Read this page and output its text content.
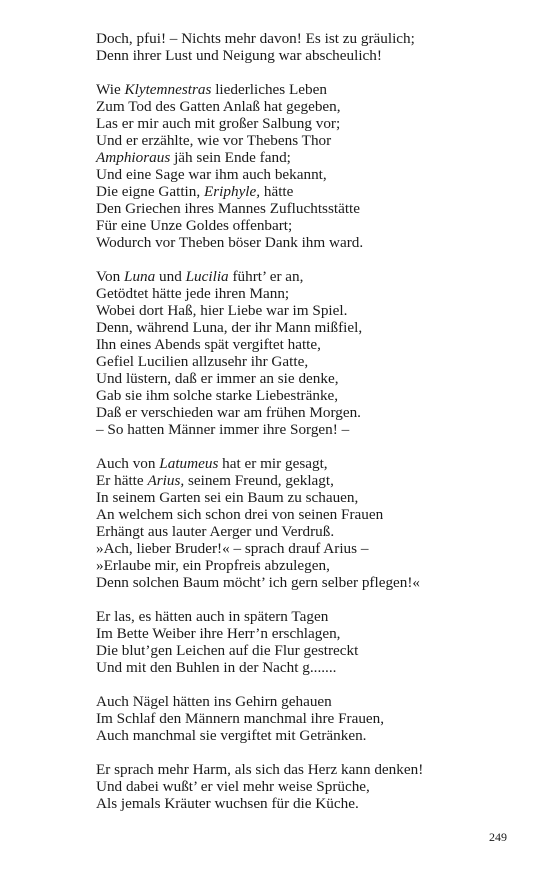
Doch, pfui! – Nichts mehr davon! Es ist zu gräulich;
Denn ihrer Lust und Neigung war abscheulich!
Wie Klytemnestras liederliches Leben
Zum Tod des Gatten Anlaß hat gegeben,
Las er mir auch mit großer Salbung vor;
Und er erzählte, wie vor Thebens Thor
Amphioraus jäh sein Ende fand;
Und eine Sage war ihm auch bekannt,
Die eigne Gattin, Eriphyle, hätte
Den Griechen ihres Mannes Zufluchtsstätte
Für eine Unze Goldes offenbart;
Wodurch vor Theben böser Dank ihm ward.
Von Luna und Lucilia führt’ er an,
Getödtet hätte jede ihren Mann;
Wobei dort Haß, hier Liebe war im Spiel.
Denn, während Luna, der ihr Mann mißfiel,
Ihn eines Abends spät vergiftet hatte,
Gefiel Lucilien allzusehr ihr Gatte,
Und lüstern, daß er immer an sie denke,
Gab sie ihm solche starke Liebestränke,
Daß er verschieden war am frühen Morgen.
– So hatten Männer immer ihre Sorgen! –
Auch von Latumeus hat er mir gesagt,
Er hätte Arius, seinem Freund, geklagt,
In seinem Garten sei ein Baum zu schauen,
An welchem sich schon drei von seinen Frauen
Erhängt aus lauter Aerger und Verdruß.
»Ach, lieber Bruder!« – sprach drauf Arius –
»Erlaube mir, ein Propfreis abzulegen,
Denn solchen Baum möcht’ ich gern selber pflegen!«
Er las, es hätten auch in spätern Tagen
Im Bette Weiber ihre Herr’n erschlagen,
Die blut’gen Leichen auf die Flur gestreckt
Und mit den Buhlen in der Nacht g.......
Auch Nägel hätten ins Gehirn gehauen
Im Schlaf den Männern manchmal ihre Frauen,
Auch manchmal sie vergiftet mit Getränken.
Er sprach mehr Harm, als sich das Herz kann denken!
Und dabei wußt’ er viel mehr weise Sprüche,
Als jemals Kräuter wuchsen für die Küche.
249
